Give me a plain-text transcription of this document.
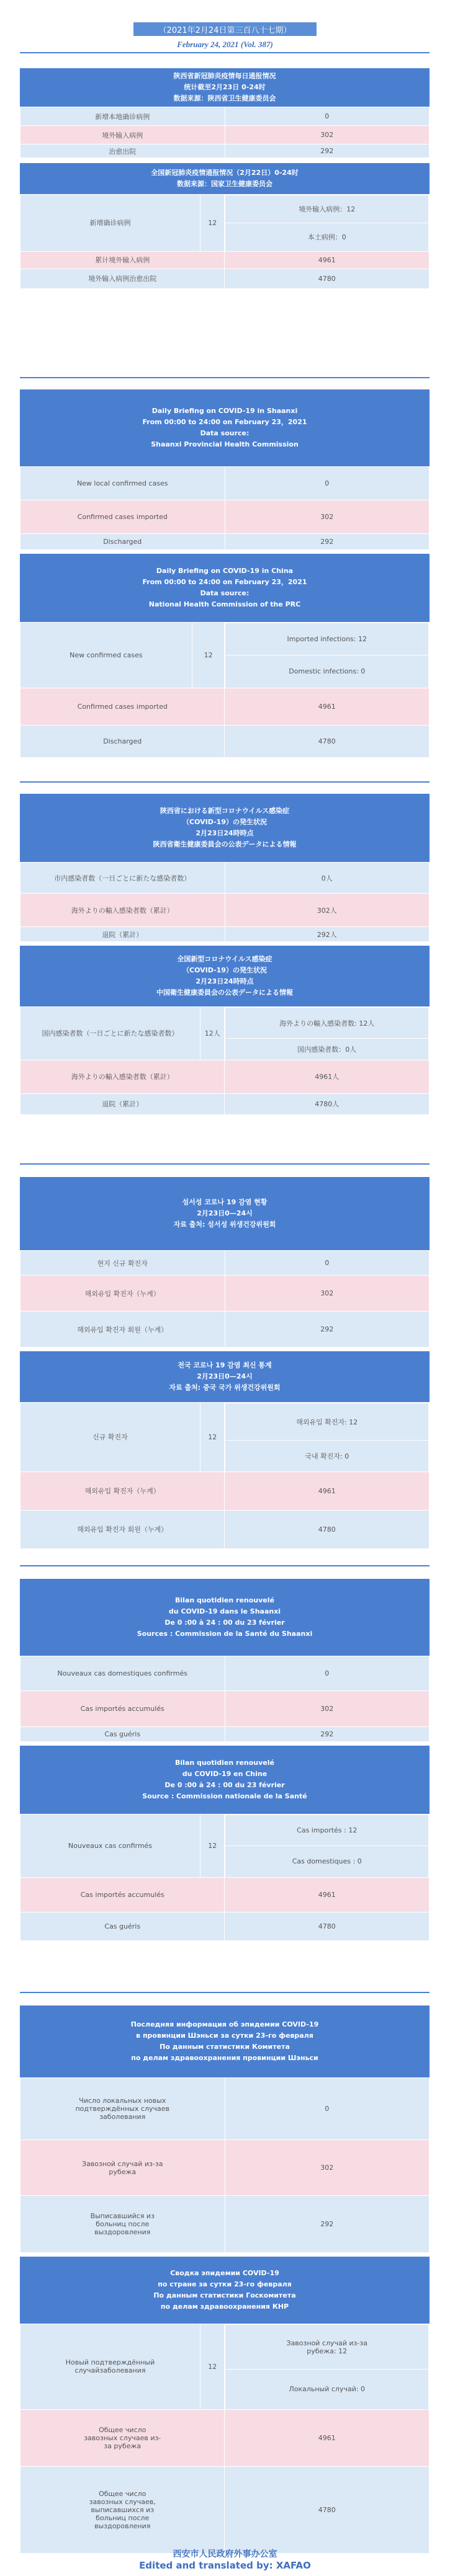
（2021年2月24日第三百八十七期）
February 24, 2021 (Vol. 387)
陕西省新冠肺炎疫情每日通报情况
统计截至2月23日 0-24时
数据来源：陕西省卫生健康委员会
新增本地确诊病例	0
境外输入病例	302
治愈出院	292
全国新冠肺炎疫情通报情况（2月22日）0-24时
数据来源：国家卫生健康委员会
新增确诊病例	12	
境外输入病例：12
本土病例：0

累计境外输入病例	4961
境外输入病例治愈出院	4780
Daily Briefing on COVID-19 in Shaanxi
From 00:00 to 24:00 on February 23，2021
Data source:
Shaanxi Provincial Health Commission
New local confirmed cases	0
Confirmed cases imported	302
Discharged	292
Daily Briefing on COVID-19 in China
From 00:00 to 24:00 on February 23，2021
Data source:
National Health Commission of the PRC
New confirmed cases	12	
Imported infections: 12
Domestic infections: 0

Confirmed cases imported	4961
Discharged	4780
陝西省における新型コロナウイルス感染症
（COVID-19）の発生状況
2月23日24時時点
陝西省衛生健康委員会の公表データによる情報
市内感染者数（一日ごとに新たな感染者数）	0人
海外よりの輸入感染者数（累計）	302人
退院（累計）	292人
全国新型コロナウイルス感染症
（COVID-19）の発生状況
2月23日24時時点
中国衛生健康委員会の公表データによる情報
国内感染者数（一日ごとに新たな感染者数）	12人	
海外よりの輸入感染者数: 12人
国内感染者数：0人

海外よりの輸入感染者数（累計）	4961人
退院（累計）	4780人
섬서성 코로나 19 감염 현황
2月23日0—24시
자료 출처: 섬서성 위생건강위원회
현지 신규 확진자	0
해외유입 확진자（누계）	302
해외유입 확진자 회원（누계）	292
전국 코로나 19 감염 최신 통계
2月23日0—24시
자료 출처: 중국 국가 위생건강위원회
신규 확진자	12	
해외유입 확진자: 12
국내 확진자: 0

해외유입 확진자（누계）	4961
해외유입 확진자 회원（누계）	4780
Bilan quotidien renouvelé
du COVID-19 dans le Shaanxi
De 0 :00 à 24 : 00 du 23 février
Sources : Commission de la Santé du Shaanxi
Nouveaux cas domestiques confirmés	0
Cas importés accumulés	302
Cas guéris	292
Bilan quotidien renouvelé
du COVID-19 en Chine
De 0 :00 à 24 : 00 du 23 février
Source : Commission nationale de la Santé
Nouveaux cas confirmés	12	
Cas importés : 12
Cas domestiques : 0

Cas importés accumulés	4961
Cas guéris	4780
Последняя информация об эпидемии COVID-19
в провинции Шэньси за сутки 23-го февраля
По данным статистики Комитета
по делам здравоохранения провинции Шэньси
Число локальных новых подтверждённых случаев заболевания	0
Завозной случай из-за рубежа	302
Выписавшийся из больниц после выздоровления	292
Сводка эпидемии COVID-19
по стране за сутки 23-го февраля
По данным статистики Госкомитета
по делам здравоохранения КНР
Новый подтверждённый случайзаболевания	12	
Завозной случай из-за рубежа: 12
Локальный случай: 0

Общее число завозных случаев из-за рубежа	4961
Общее число завозных случаев, выписавшихся из больниц после выздоровления	4780
西安市人民政府外事办公室
Edited and translated by: XAFAO
